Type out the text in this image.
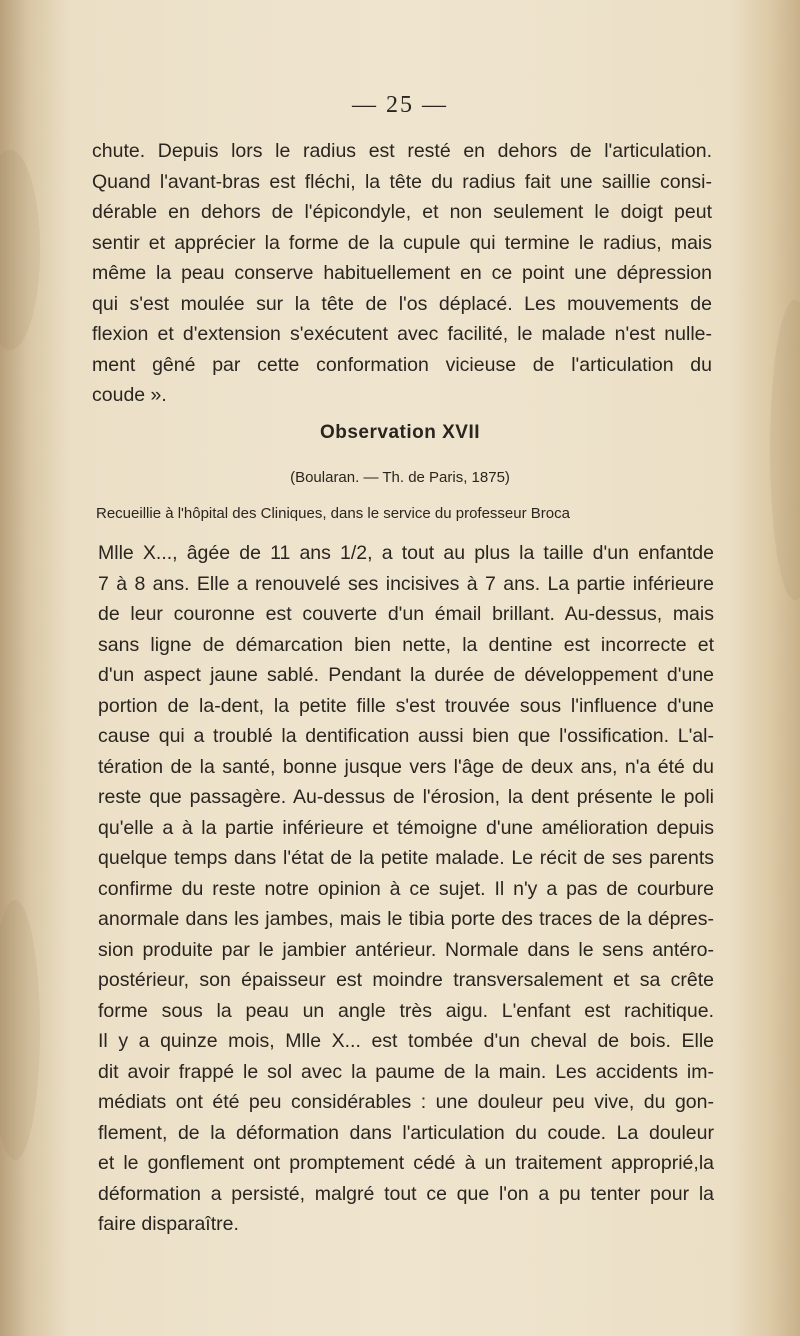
— 25 —
chute. Depuis lors le radius est resté en dehors de l'articulation.
Quand l'avant-bras est fléchi, la tête du radius fait une saillie consi-
dérable en dehors de l'épicondyle, et non seulement le doigt peut
sentir et apprécier la forme de la cupule qui termine le radius, mais
même la peau conserve habituellement en ce point une dépression
qui s'est moulée sur la tête de l'os déplacé. Les mouvements de
flexion et d'extension s'exécutent avec facilité, le malade n'est nulle-
ment gêné par cette conformation vicieuse de l'articulation du
coude ».
Observation XVII
(Boularan. — Th. de Paris, 1875)
Recueillie à l'hôpital des Cliniques, dans le service du professeur Broca
Mlle X..., âgée de 11 ans 1/2, a tout au plus la taille d'un enfantde
7 à 8 ans. Elle a renouvelé ses incisives à 7 ans. La partie inférieure
de leur couronne est couverte d'un émail brillant. Au-dessus, mais
sans ligne de démarcation bien nette, la dentine est incorrecte et
d'un aspect jaune sablé. Pendant la durée de développement d'une
portion de la-dent, la petite fille s'est trouvée sous l'influence d'une
cause qui a troublé la dentification aussi bien que l'ossification. L'al-
tération de la santé, bonne jusque vers l'âge de deux ans, n'a été du
reste que passagère. Au-dessus de l'érosion, la dent présente le poli
qu'elle a à la partie inférieure et témoigne d'une amélioration depuis
quelque temps dans l'état de la petite malade. Le récit de ses parents
confirme du reste notre opinion à ce sujet. Il n'y a pas de courbure
anormale dans les jambes, mais le tibia porte des traces de la dépres-
sion produite par le jambier antérieur. Normale dans le sens antéro-
postérieur, son épaisseur est moindre transversalement et sa crête
forme sous la peau un angle très aigu. L'enfant est rachitique.
Il y a quinze mois, Mlle X... est tombée d'un cheval de bois. Elle
dit avoir frappé le sol avec la paume de la main. Les accidents im-
médiats ont été peu considérables : une douleur peu vive, du gon-
flement, de la déformation dans l'articulation du coude. La douleur
et le gonflement ont promptement cédé à un traitement approprié,la
déformation a persisté, malgré tout ce que l'on a pu tenter pour la
faire disparaître.
